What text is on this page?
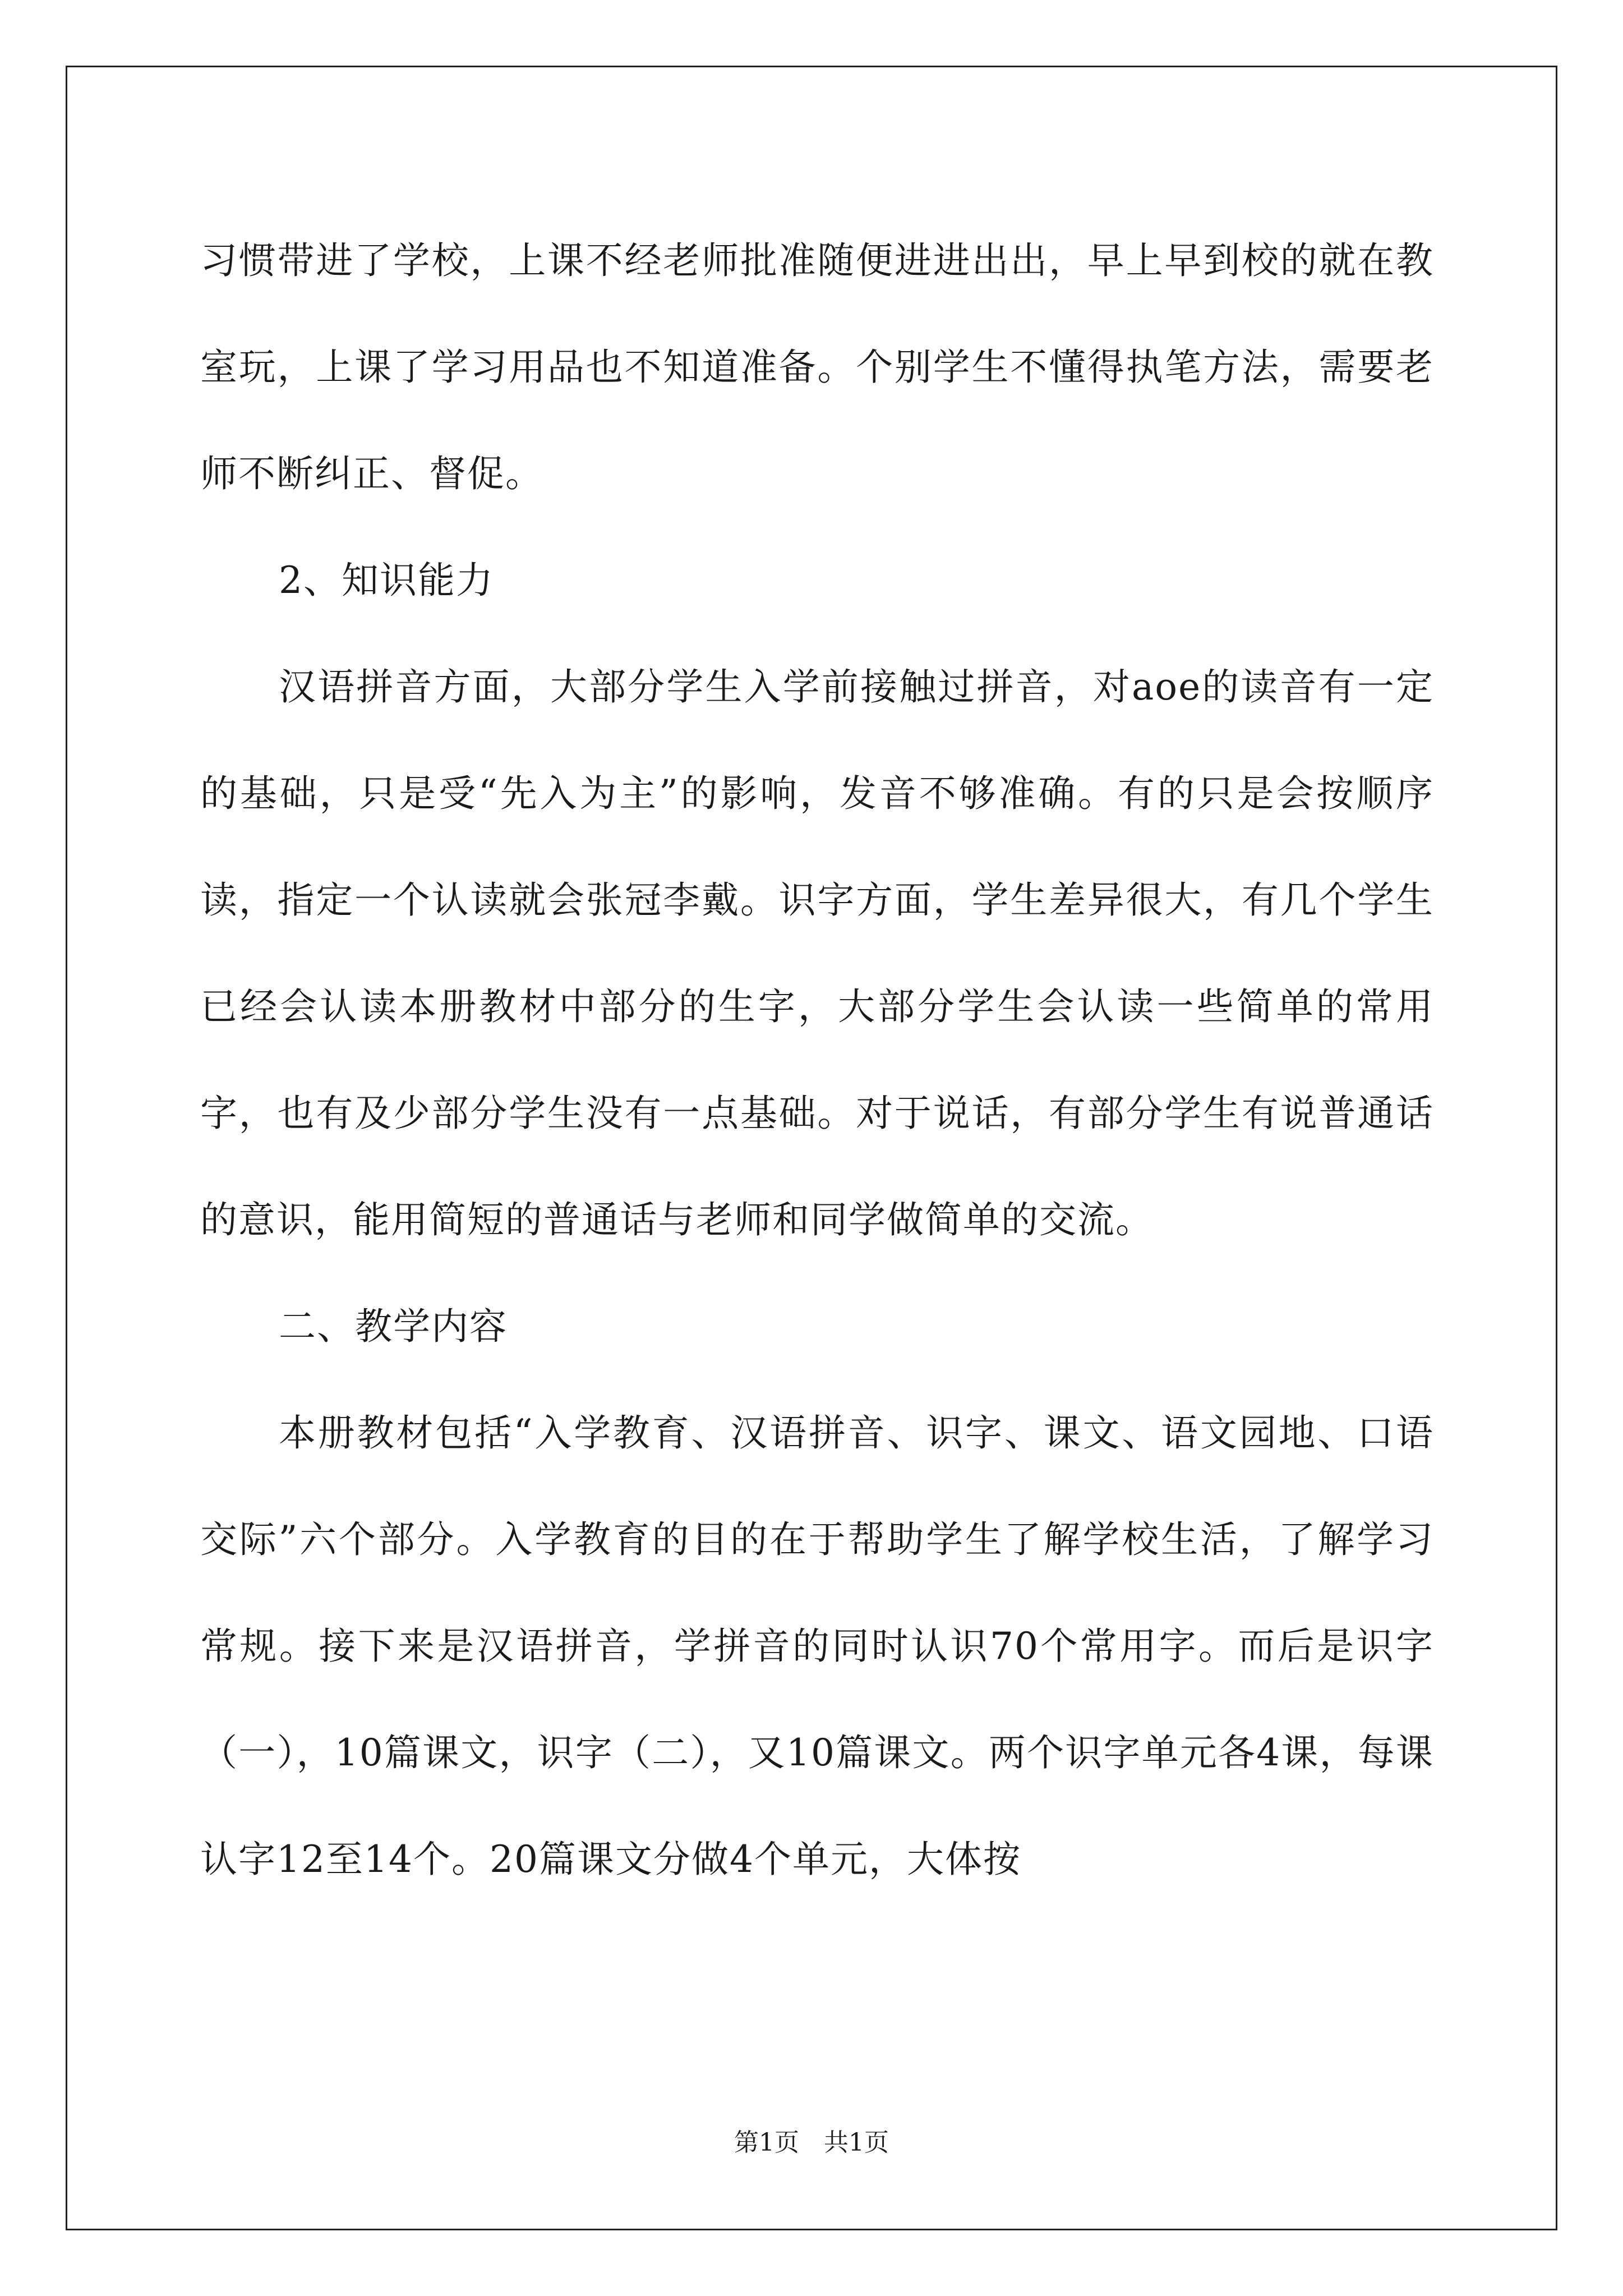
习惯带进了学校，上课不经老师批准随便进进出出，早上早到校的就在教室玩，上课了学习用品也不知道准备。个别学生不懂得执笔方法，需要老师不断纠正、督促。

2、知识能力

汉语拼音方面，大部分学生入学前接触过拼音，对aoe的读音有一定的基础，只是受“先入为主”的影响，发音不够准确。有的只是会按顺序读，指定一个认读就会张冠李戴。识字方面，学生差异很大，有几个学生已经会认读本册教材中部分的生字，大部分学生会认读一些简单的常用字，也有及少部分学生没有一点基础。对于说话，有部分学生有说普通话的意识，能用简短的普通话与老师和同学做简单的交流。

二、教学内容

本册教材包括“入学教育、汉语拼音、识字、课文、语文园地、口语交际”六个部分。入学教育的目的在于帮助学生了解学校生活，了解学习常规。接下来是汉语拼音，学拼音的同时认识70个常用字。而后是识字（一），10篇课文，识字（二），又10篇课文。两个识字单元各4课，每课认字12至14个。20篇课文分做4个单元，大体按

第1页 共1页
